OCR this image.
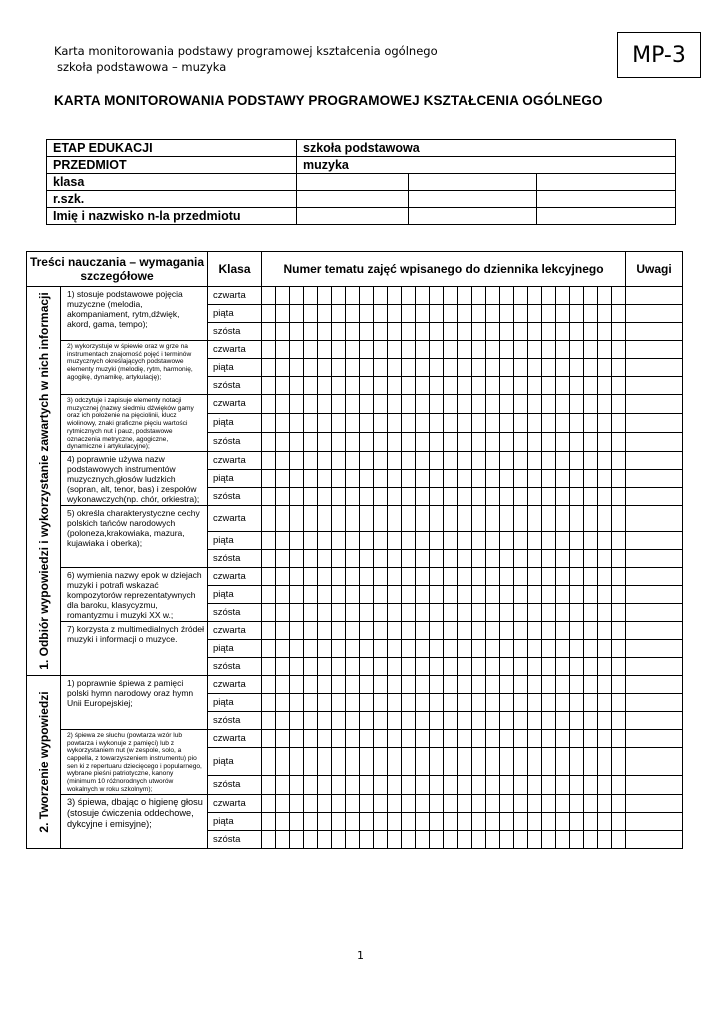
Karta monitorowania podstawy programowej kształcenia ogólnego
szkoła podstawowa – muzyka	MP-3
KARTA MONITOROWANIA PODSTAWY PROGRAMOWEJ KSZTAŁCENIA OGÓLNEGO
ETAP EDUKACJI	szkoła podstawowa		
PRZEDMIOT	muzyka		
klasa			
r.szk.			
Imię i nazwisko n-la przedmiotu			
Treści nauczania – wymagania szczegółowe		Klasa	Numer tematu zajęć wpisanego do dziennika lekcyjnego																										Uwagi

1. Odbiór wypowiedzi i wykorzystanie zawartych w nich informacji	1) stosuje podstawowe pojęcia muzyczne (melodia, akompaniament, rytm,dźwięk, akord, gama, tempo);	czwarta																											
		piąta																											
		szósta																											
	2) wykorzystuje w śpiewie oraz w grze na instrumentach znajomość pojęć i terminów muzycznych określających podstawowe elementy muzyki (melodię, rytm, harmonię, agogikę, dynamikę, artykulację);	czwarta																											
		piąta																											
		szósta																											
	3) odczytuje i zapisuje elementy notacji muzycznej (nazwy siedmiu dźwięków gamy oraz ich położenie na pięciolinii, klucz wiolinowy, znaki graficzne pięciu wartości rytmicznych nut i pauz, podstawowe oznaczenia metryczne, agogiczne, dynamiczne i artykulacyjne);	czwarta																											
		piąta																											
		szósta																											
	4) poprawnie używa nazw podstawowych instrumentów muzycznych,głosów ludzkich (sopran, alt, tenor, bas) i zespołów wykonawczych(np. chór, orkiestra);	czwarta																											
		piąta																											
		szósta																											
	5) określa charakterystyczne cechy polskich tańców narodowych (poloneza,krakowiaka, mazura, kujawiaka i oberka);	czwarta																											
		piąta																											
		szósta																											
	6) wymienia nazwy epok w dziejach muzyki i potrafi wskazać kompozytorów reprezentatywnych dla baroku, klasycyzmu, romantyzmu i muzyki XX w.;	czwarta																											
		piąta																											
		szósta																											
	7) korzysta z multimedialnych źródeł muzyki i informacji o muzyce.	czwarta																											
		piąta																											
		szósta																											

2. Tworzenie wypowiedzi	1) poprawnie śpiewa z pamięci polski hymn narodowy oraz hymn Unii Europejskiej;	czwarta																											
		piąta																											
		szósta																											
	2) śpiewa ze słuchu (powtarza wzór lub powtarza i wykonuje z pamięci) lub z wykorzystaniem nut (w zespole, solo, a cappella, z towarzyszeniem instrumentu) pio sen ki z repertuaru dziecięcego i popularnego, wybrane pieśni patriotyczne, kanony (minimum 10 różnorodnych utworów wokalnych w roku szkolnym);	czwarta																											
		piąta																											
		szósta																											
	3) śpiewa, dbając o higienę głosu (stosuje ćwiczenia oddechowe, dykcyjne i emisyjne);	czwarta																											
		piąta																											
		szósta																											
1
